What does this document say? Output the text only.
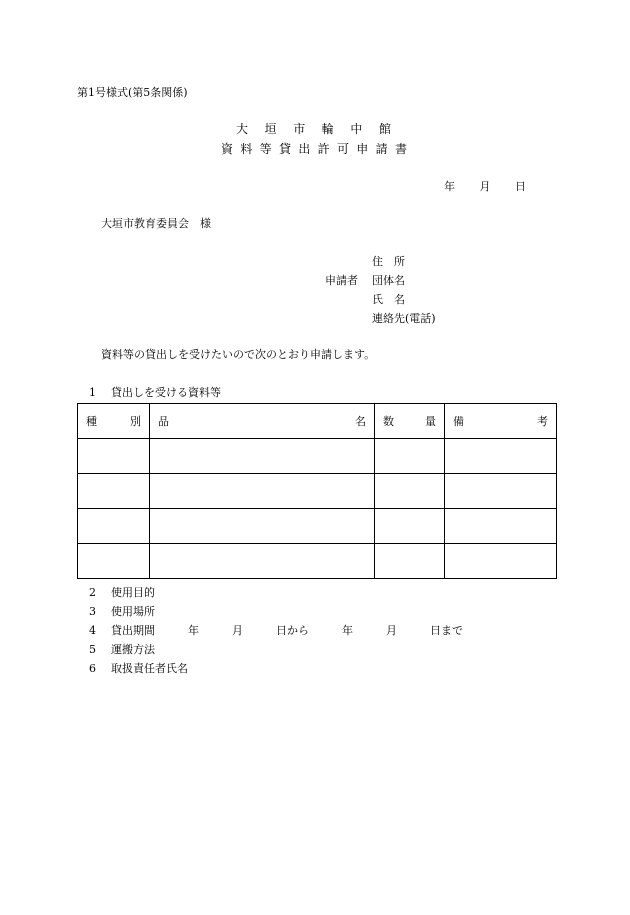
第1号様式(第5条関係)
大 垣 市 輪 中 館
資 料 等 貸 出 許 可 申 請 書
年 月 日
大垣市教育委員会　様
申請者
住　所
団体名
氏　名
連絡先(電話)
資料等の貸出しを受けたいので次のとおり申請します。
1 貸出しを受ける資料等
種 別	品 名	数 量	備 考

2 使用目的
3 使用場所
4 貸出期間　　　年　　　月　　　日から　　　年　　　月　　　日まで
5 運搬方法
6 取扱責任者氏名
